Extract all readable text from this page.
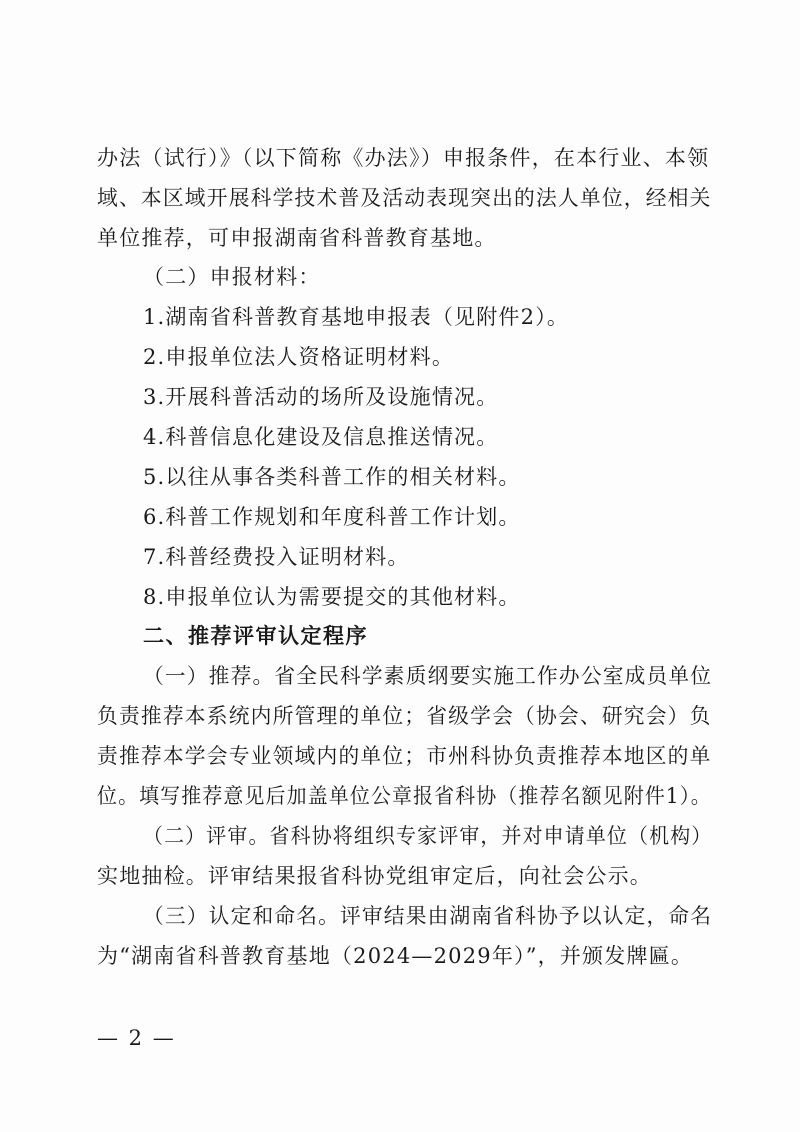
办法（试行）》（以下简称《办法》）申报条件，在本行业、本领
域、本区域开展科学技术普及活动表现突出的法人单位，经相关
单位推荐，可申报湖南省科普教育基地。
（二）申报材料：
1.湖南省科普教育基地申报表（见附件2）。
2.申报单位法人资格证明材料。
3.开展科普活动的场所及设施情况。
4.科普信息化建设及信息推送情况。
5.以往从事各类科普工作的相关材料。
6.科普工作规划和年度科普工作计划。
7.科普经费投入证明材料。
8.申报单位认为需要提交的其他材料。
二、推荐评审认定程序
（一）推荐。省全民科学素质纲要实施工作办公室成员单位
负责推荐本系统内所管理的单位；省级学会（协会、研究会）负
责推荐本学会专业领域内的单位；市州科协负责推荐本地区的单
位。填写推荐意见后加盖单位公章报省科协（推荐名额见附件1）。
（二）评审。省科协将组织专家评审，并对申请单位（机构）
实地抽检。评审结果报省科协党组审定后，向社会公示。
（三）认定和命名。评审结果由湖南省科协予以认定，命名
为“湖南省科普教育基地（2024—2029年）”，并颁发牌匾。
— 2 —
